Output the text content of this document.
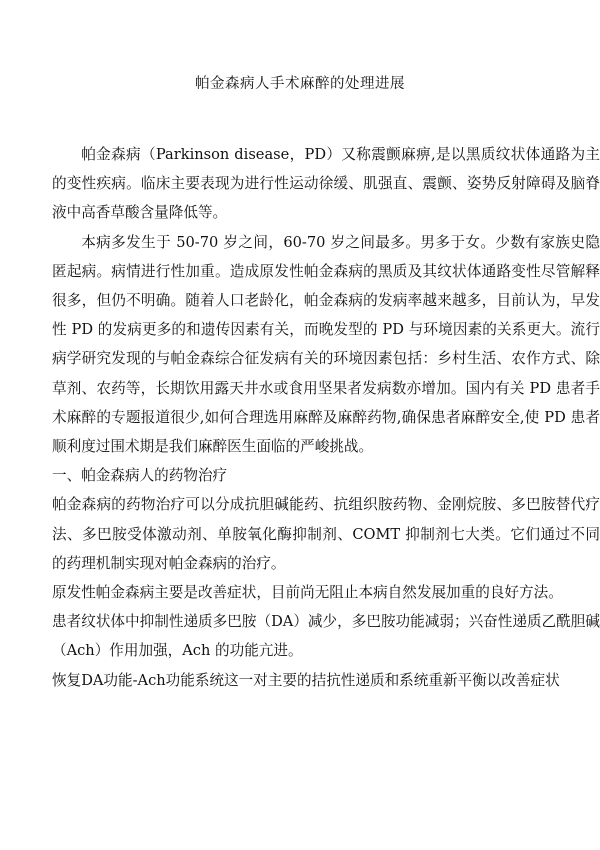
帕金森病人手术麻醉的处理进展

帕金森病（Parkinson disease，PD）又称震颤麻痹,是以黑质纹状体通路为主的变性疾病。临床主要表现为进行性运动徐缓、肌强直、震颤、姿势反射障碍及脑脊液中高香草酸含量降低等。

本病多发生于 50-70 岁之间，60-70 岁之间最多。男多于女。少数有家族史隐匿起病。病情进行性加重。造成原发性帕金森病的黑质及其纹状体通路变性尽管解释很多，但仍不明确。随着人口老龄化，帕金森病的发病率越来越多，目前认为，早发性 PD 的发病更多的和遗传因素有关，而晚发型的 PD 与环境因素的关系更大。流行病学研究发现的与帕金森综合征发病有关的环境因素包括：乡村生活、农作方式、除草剂、农药等，长期饮用露天井水或食用坚果者发病数亦增加。国内有关 PD 患者手术麻醉的专题报道很少,如何合理选用麻醉及麻醉药物,确保患者麻醉安全,使 PD 患者顺利度过围术期是我们麻醉医生面临的严峻挑战。

一、帕金森病人的药物治疗

帕金森病的药物治疗可以分成抗胆碱能药、抗组织胺药物、金刚烷胺、多巴胺替代疗法、多巴胺受体激动剂、单胺氧化酶抑制剂、COMT 抑制剂七大类。它们通过不同的药理机制实现对帕金森病的治疗。

原发性帕金森病主要是改善症状，目前尚无阻止本病自然发展加重的良好方法。

患者纹状体中抑制性递质多巴胺（DA）减少，多巴胺功能减弱；兴奋性递质乙酰胆碱（Ach）作用加强，Ach 的功能亢进。

恢复DA功能-Ach功能系统这一对主要的拮抗性递质和系统重新平衡以改善症状
